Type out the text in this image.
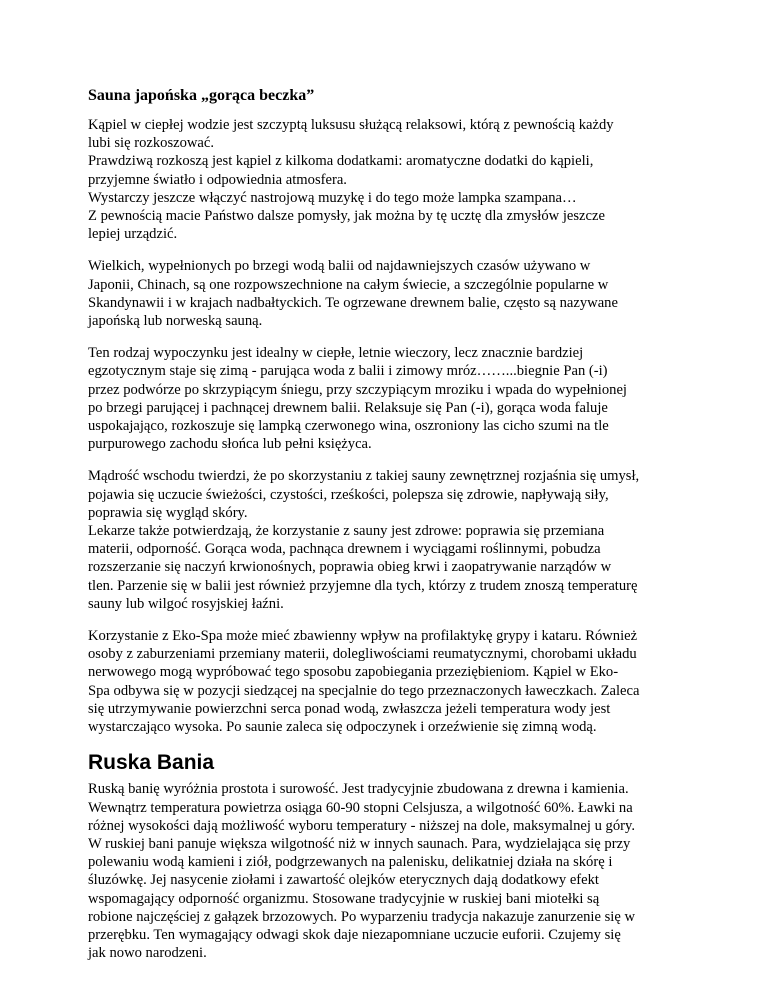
Sauna japońska „gorąca beczka”
Kąpiel w ciepłej wodzie jest szczyptą luksusu służącą relaksowi, którą z pewnością każdy
lubi się rozkoszować.
Prawdziwą rozkoszą jest kąpiel z kilkoma dodatkami: aromatyczne dodatki do kąpieli,
przyjemne światło i odpowiednia atmosfera.
Wystarczy jeszcze włączyć nastrojową muzykę i do tego może lampka szampana…
Z pewnością macie Państwo dalsze pomysły, jak można by tę ucztę dla zmysłów jeszcze
lepiej urządzić.
Wielkich, wypełnionych po brzegi wodą balii od najdawniejszych czasów używano w
Japonii, Chinach, są one rozpowszechnione na całym świecie, a szczególnie popularne w
Skandynawii i w krajach nadbałtyckich. Te ogrzewane drewnem balie, często są nazywane
japońską lub norweską sauną.
Ten rodzaj wypoczynku jest idealny w ciepłe, letnie wieczory, lecz znacznie bardziej
egzotycznym staje się zimą - parująca woda z balii i zimowy mróz……...biegnie Pan (-i)
przez podwórze po skrzypiącym śniegu, przy szczypiącym mroziku i wpada do wypełnionej
po brzegi parującej i pachnącej drewnem balii. Relaksuje się Pan (-i), gorąca woda faluje
uspokajająco, rozkoszuje się lampką czerwonego wina, oszroniony las cicho szumi na tle
purpurowego zachodu słońca lub pełni księżyca.
Mądrość wschodu twierdzi, że po skorzystaniu z takiej sauny zewnętrznej rozjaśnia się umysł,
pojawia się uczucie świeżości, czystości, rześkości, polepsza się zdrowie, napływają siły,
poprawia się wygląd skóry.
Lekarze także potwierdzają, że korzystanie z sauny jest zdrowe: poprawia się przemiana
materii, odporność. Gorąca woda, pachnąca drewnem i wyciągami roślinnymi, pobudza
rozszerzanie się naczyń krwionośnych, poprawia obieg krwi i zaopatrywanie narządów w
tlen. Parzenie się w balii jest również przyjemne dla tych, którzy z trudem znoszą temperaturę
sauny lub wilgoć rosyjskiej łaźni.
Korzystanie z Eko-Spa może mieć zbawienny wpływ na profilaktykę grypy i kataru. Również
osoby z zaburzeniami przemiany materii, dolegliwościami reumatycznymi, chorobami układu
nerwowego mogą wypróbować tego sposobu zapobiegania przeziębieniom. Kąpiel w Eko-
Spa odbywa się w pozycji siedzącej na specjalnie do tego przeznaczonych ławeczkach. Zaleca
się utrzymywanie powierzchni serca ponad wodą, zwłaszcza jeżeli temperatura wody jest
wystarczająco wysoka. Po saunie zaleca się odpoczynek i orzeźwienie się zimną wodą.
Ruska Bania
Ruską banię wyróżnia prostota i surowość. Jest tradycyjnie zbudowana z drewna i kamienia.
Wewnątrz temperatura powietrza osiąga 60-90 stopni Celsjusza, a wilgotność 60%. Ławki na
różnej wysokości dają możliwość wyboru temperatury - niższej na dole, maksymalnej u góry.
W ruskiej bani panuje większa wilgotność niż w innych saunach. Para, wydzielająca się przy
polewaniu wodą kamieni i ziół, podgrzewanych na palenisku, delikatniej działa na skórę i
śluzówkę. Jej nasycenie ziołami i zawartość olejków eterycznych dają dodatkowy efekt
wspomagający odporność organizmu. Stosowane tradycyjnie w ruskiej bani miotełki są
robione najczęściej z gałązek brzozowych. Po wyparzeniu tradycja nakazuje zanurzenie się w
przerębku. Ten wymagający odwagi skok daje niezapomniane uczucie euforii. Czujemy się
jak nowo narodzeni.
